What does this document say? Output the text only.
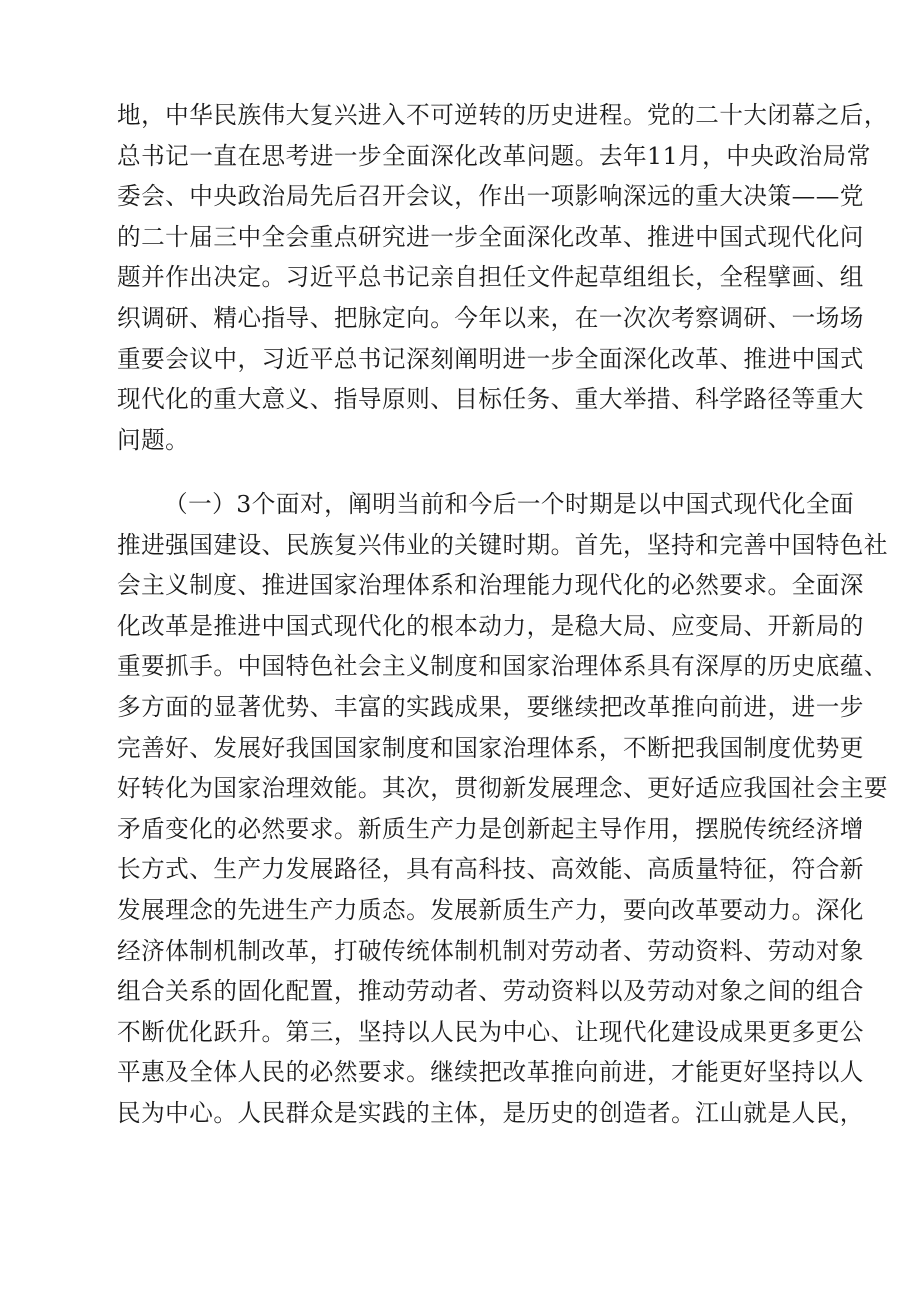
地，中华民族伟大复兴进入不可逆转的历史进程。党的二十大闭幕之后，
总书记一直在思考进一步全面深化改革问题。去年11月，中央政治局常
委会、中央政治局先后召开会议，作出一项影响深远的重大决策——党
的二十届三中全会重点研究进一步全面深化改革、推进中国式现代化问
题并作出决定。习近平总书记亲自担任文件起草组组长，全程擘画、组
织调研、精心指导、把脉定向。今年以来，在一次次考察调研、一场场
重要会议中，习近平总书记深刻阐明进一步全面深化改革、推进中国式
现代化的重大意义、指导原则、目标任务、重大举措、科学路径等重大
问题。
（一）3个面对，阐明当前和今后一个时期是以中国式现代化全面
推进强国建设、民族复兴伟业的关键时期。首先，坚持和完善中国特色社
会主义制度、推进国家治理体系和治理能力现代化的必然要求。全面深
化改革是推进中国式现代化的根本动力，是稳大局、应变局、开新局的
重要抓手。中国特色社会主义制度和国家治理体系具有深厚的历史底蕴、
多方面的显著优势、丰富的实践成果，要继续把改革推向前进，进一步
完善好、发展好我国国家制度和国家治理体系，不断把我国制度优势更
好转化为国家治理效能。其次，贯彻新发展理念、更好适应我国社会主要
矛盾变化的必然要求。新质生产力是创新起主导作用，摆脱传统经济增
长方式、生产力发展路径，具有高科技、高效能、高质量特征，符合新
发展理念的先进生产力质态。发展新质生产力，要向改革要动力。深化
经济体制机制改革，打破传统体制机制对劳动者、劳动资料、劳动对象
组合关系的固化配置，推动劳动者、劳动资料以及劳动对象之间的组合
不断优化跃升。第三，坚持以人民为中心、让现代化建设成果更多更公
平惠及全体人民的必然要求。继续把改革推向前进，才能更好坚持以人
民为中心。人民群众是实践的主体，是历史的创造者。江山就是人民，
